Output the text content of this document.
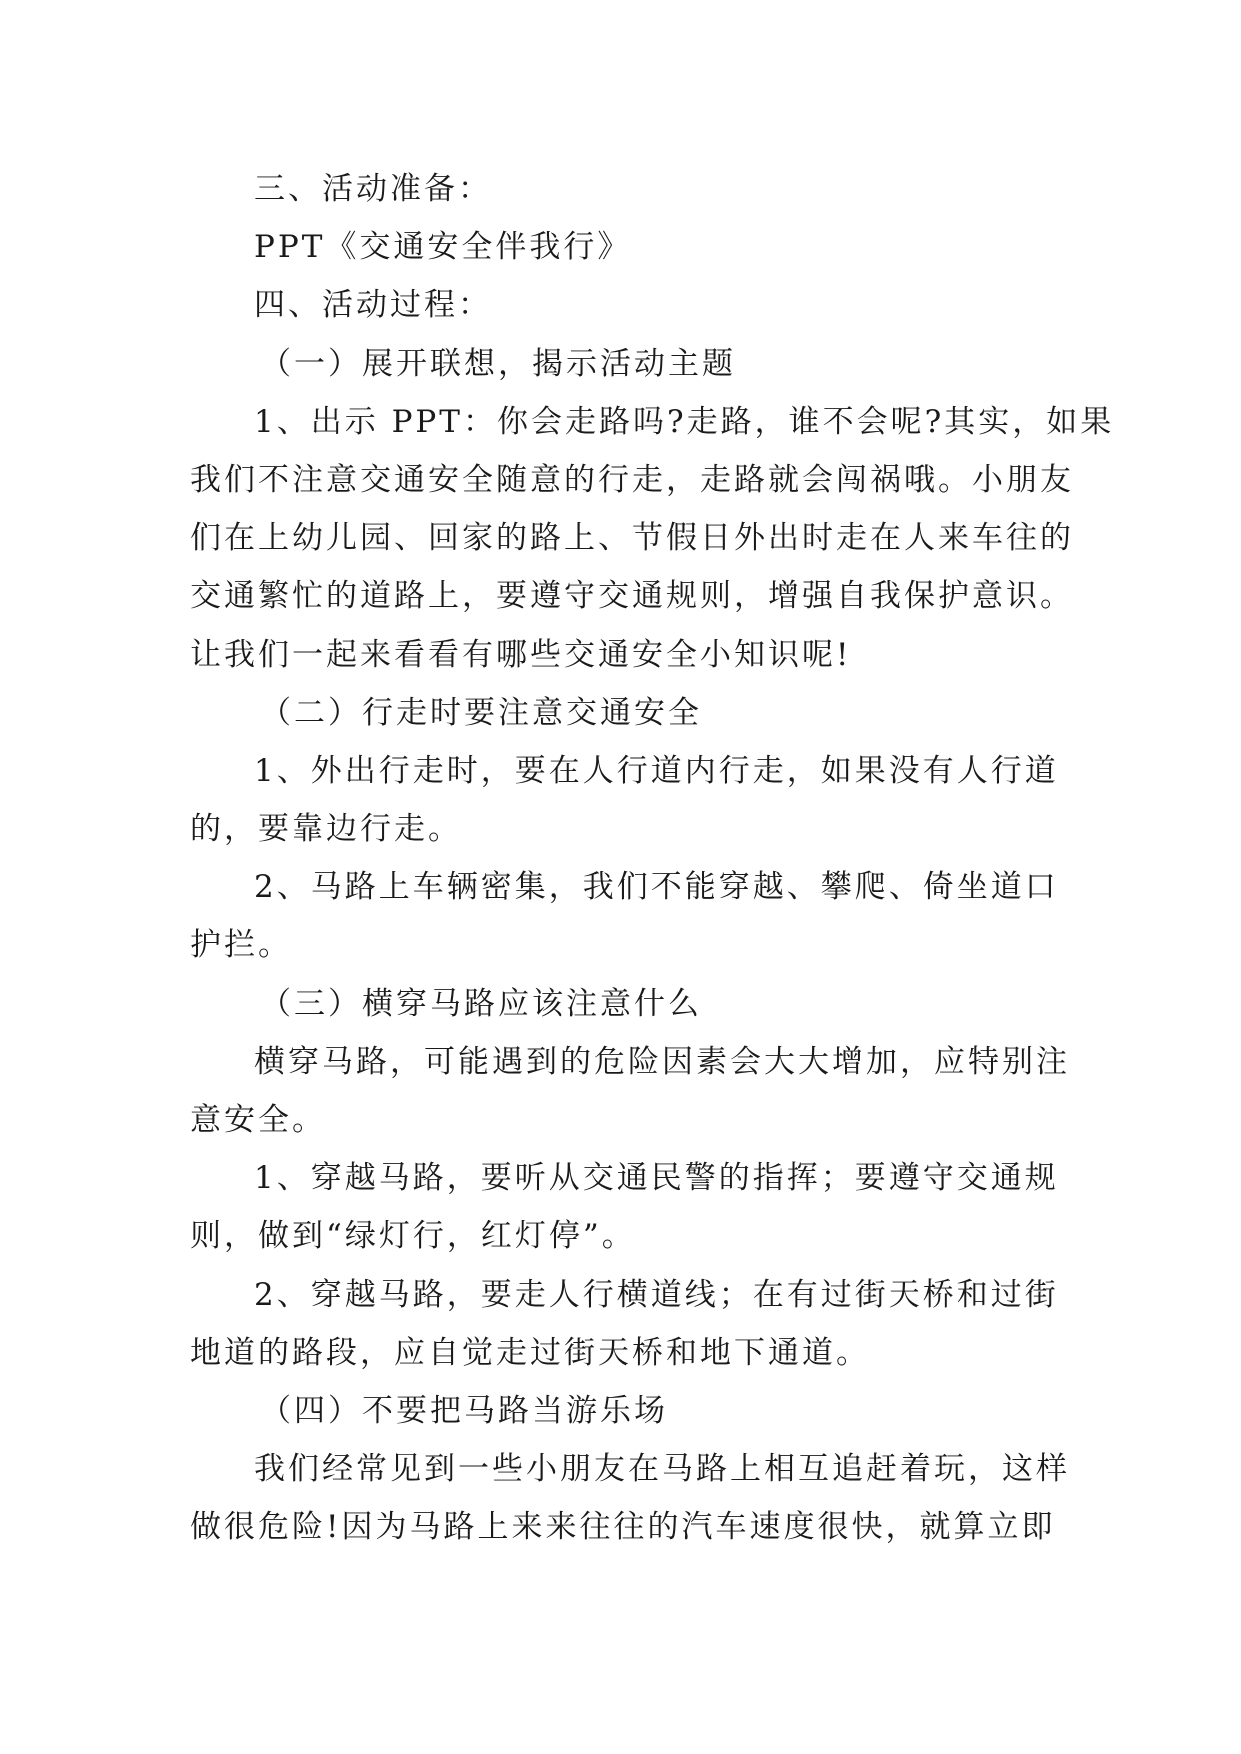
三、活动准备：
PPT《交通安全伴我行》
四、活动过程：
（一）展开联想，揭示活动主题
1、出示 PPT：你会走路吗?走路，谁不会呢?其实，如果
我们不注意交通安全随意的行走，走路就会闯祸哦。小朋友
们在上幼儿园、回家的路上、节假日外出时走在人来车往的
交通繁忙的道路上，要遵守交通规则，增强自我保护意识。
让我们一起来看看有哪些交通安全小知识呢!
（二）行走时要注意交通安全
1、外出行走时，要在人行道内行走，如果没有人行道
的，要靠边行走。
2、马路上车辆密集，我们不能穿越、攀爬、倚坐道口
护拦。
（三）横穿马路应该注意什么
横穿马路，可能遇到的危险因素会大大增加，应特别注
意安全。
1、穿越马路，要听从交通民警的指挥；要遵守交通规
则，做到“绿灯行，红灯停”。
2、穿越马路，要走人行横道线；在有过街天桥和过街
地道的路段，应自觉走过街天桥和地下通道。
（四）不要把马路当游乐场
我们经常见到一些小朋友在马路上相互追赶着玩，这样
做很危险!因为马路上来来往往的汽车速度很快，就算立即
